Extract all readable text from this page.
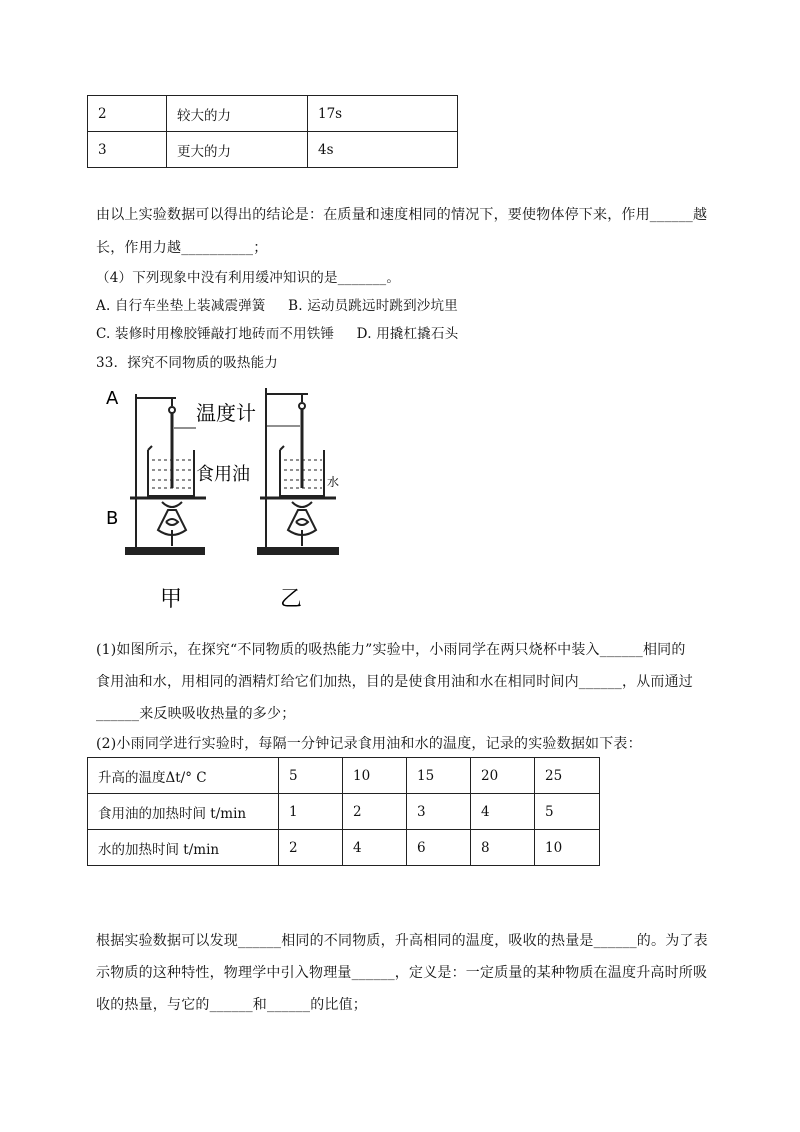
2	较大的力	17s
3	更大的力	4s
由以上实验数据可以得出的结论是：在质量和速度相同的情况下，要使物体停下来，作用______越
长，作用力越__________；
（4）下列现象中没有利用缓冲知识的是_______。
A. 自行车坐垫上装减震弹簧     B. 运动员跳远时跳到沙坑里
C. 装修时用橡胶锤敲打地砖而不用铁锤     D. 用撬杠撬石头
33．探究不同物质的吸热能力
A
B
温度计
食用油	水
甲	乙
(1)如图所示，在探究“不同物质的吸热能力”实验中，小雨同学在两只烧杯中装入______相同的
食用油和水，用相同的酒精灯给它们加热，目的是使食用油和水在相同时间内______，从而通过
______来反映吸收热量的多少；
(2)小雨同学进行实验时，每隔一分钟记录食用油和水的温度，记录的实验数据如下表：
升高的温度Δt/° C	5	10	15	20	25
食用油的加热时间 t/min	1	2	3	4	5
水的加热时间 t/min	2	4	6	8	10
根据实验数据可以发现______相同的不同物质，升高相同的温度，吸收的热量是______的。为了表
示物质的这种特性，物理学中引入物理量______，定义是：一定质量的某种物质在温度升高时所吸
收的热量，与它的______和______的比值；
